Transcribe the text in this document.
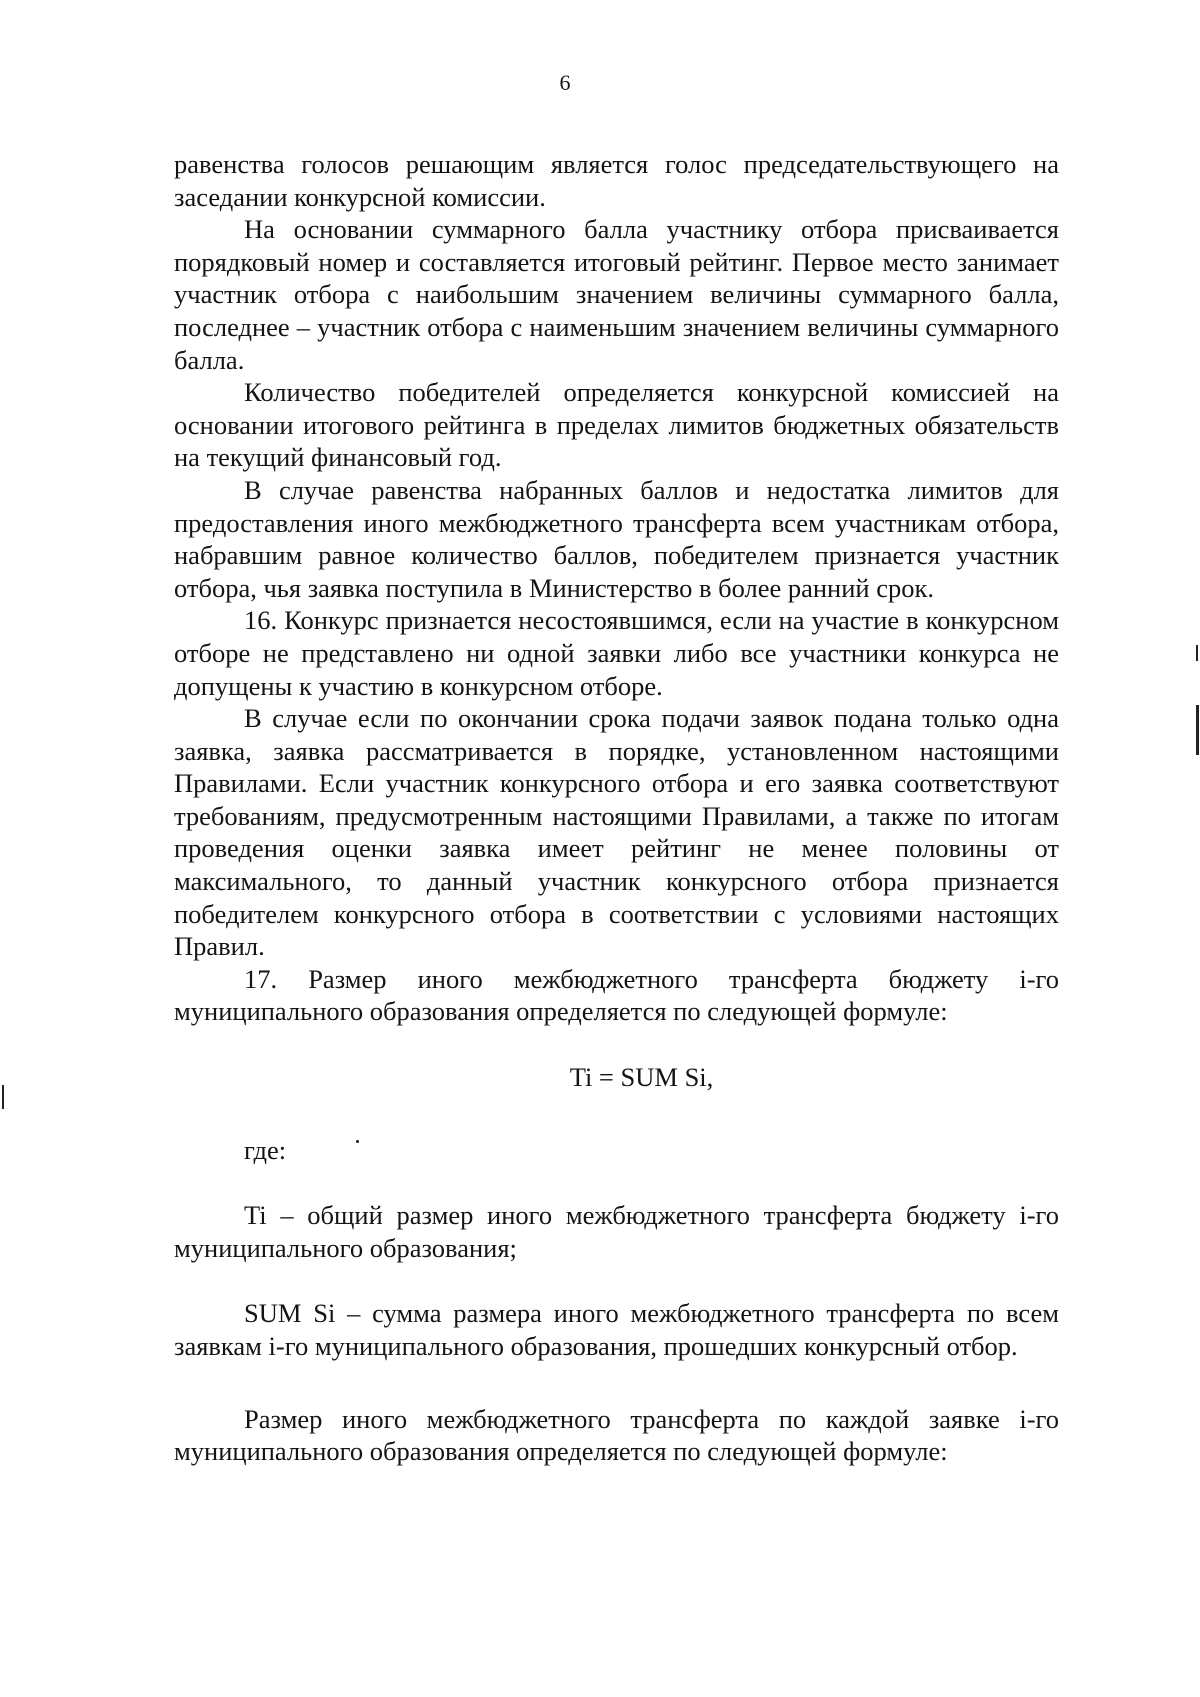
6

равенства голосов решающим является голос председательствующего на заседании конкурсной комиссии.

На основании суммарного балла участнику отбора присваивается порядковый номер и составляется итоговый рейтинг. Первое место занимает участник отбора с наибольшим значением величины суммарного балла, последнее – участник отбора с наименьшим значением величины суммарного балла.

Количество победителей определяется конкурсной комиссией на основании итогового рейтинга в пределах лимитов бюджетных обязательств на текущий финансовый год.

В случае равенства набранных баллов и недостатка лимитов для предоставления иного межбюджетного трансферта всем участникам отбора, набравшим равное количество баллов, победителем признается участник отбора, чья заявка поступила в Министерство в более ранний срок.

16. Конкурс признается несостоявшимся, если на участие в конкурсном отборе не представлено ни одной заявки либо все участники конкурса не допущены к участию в конкурсном отборе.

В случае если по окончании срока подачи заявок подана только одна заявка, заявка рассматривается в порядке, установленном настоящими Правилами. Если участник конкурсного отбора и его заявка соответствуют требованиям, предусмотренным настоящими Правилами, а также по итогам проведения оценки заявка имеет рейтинг не менее половины от максимального, то данный участник конкурсного отбора признается победителем конкурсного отбора в соответствии с условиями настоящих Правил.

17. Размер иного межбюджетного трансферта бюджету i-го муниципального образования определяется по следующей формуле:

Ti = SUM Si,

где:

Ti – общий размер иного межбюджетного трансферта бюджету i-го муниципального образования;

SUM Si – сумма размера иного межбюджетного трансферта по всем заявкам i-го муниципального образования, прошедших конкурсный отбор.

Размер иного межбюджетного трансферта по каждой заявке i-го муниципального образования определяется по следующей формуле:
